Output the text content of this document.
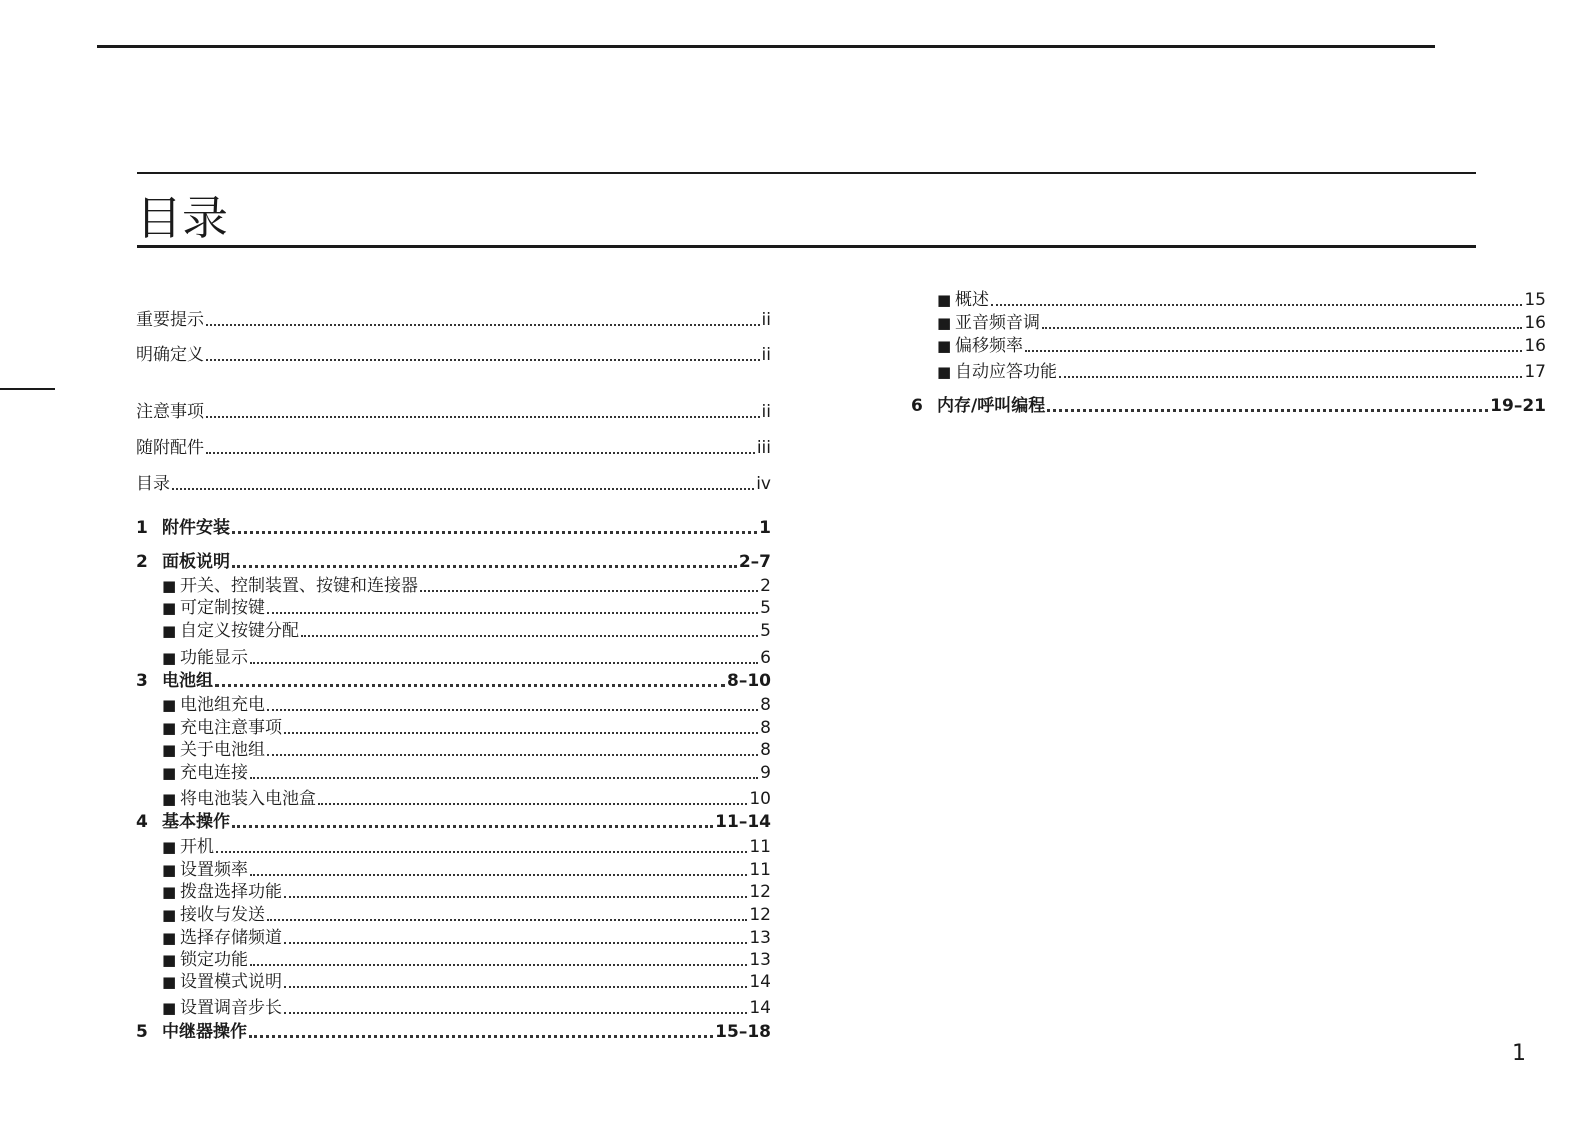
目录
重要提示	ii
明确定义	ii
注意事项	ii
随附配件	iii
目录	iv
1 附件安装	1
2 面板说明	2–7
■ 开关、控制装置、按键和连接器	2
■ 可定制按键	5
■ 自定义按键分配	5
■ 功能显示	6
3 电池组	8–10
■ 电池组充电	8
■ 充电注意事项	8
■ 关于电池组	8
■ 充电连接	9
■ 将电池装入电池盒	10
4 基本操作	11–14
■ 开机	11
■ 设置频率	11
■ 拨盘选择功能	12
■ 接收与发送	12
■ 选择存储频道	13
■ 锁定功能	13
■ 设置模式说明	14
■ 设置调音步长	14
5 中继器操作	15–18
■ 概述	15
■ 亚音频音调	16
■ 偏移频率	16
■ 自动应答功能	17
6 内存/呼叫编程	19–21
1
